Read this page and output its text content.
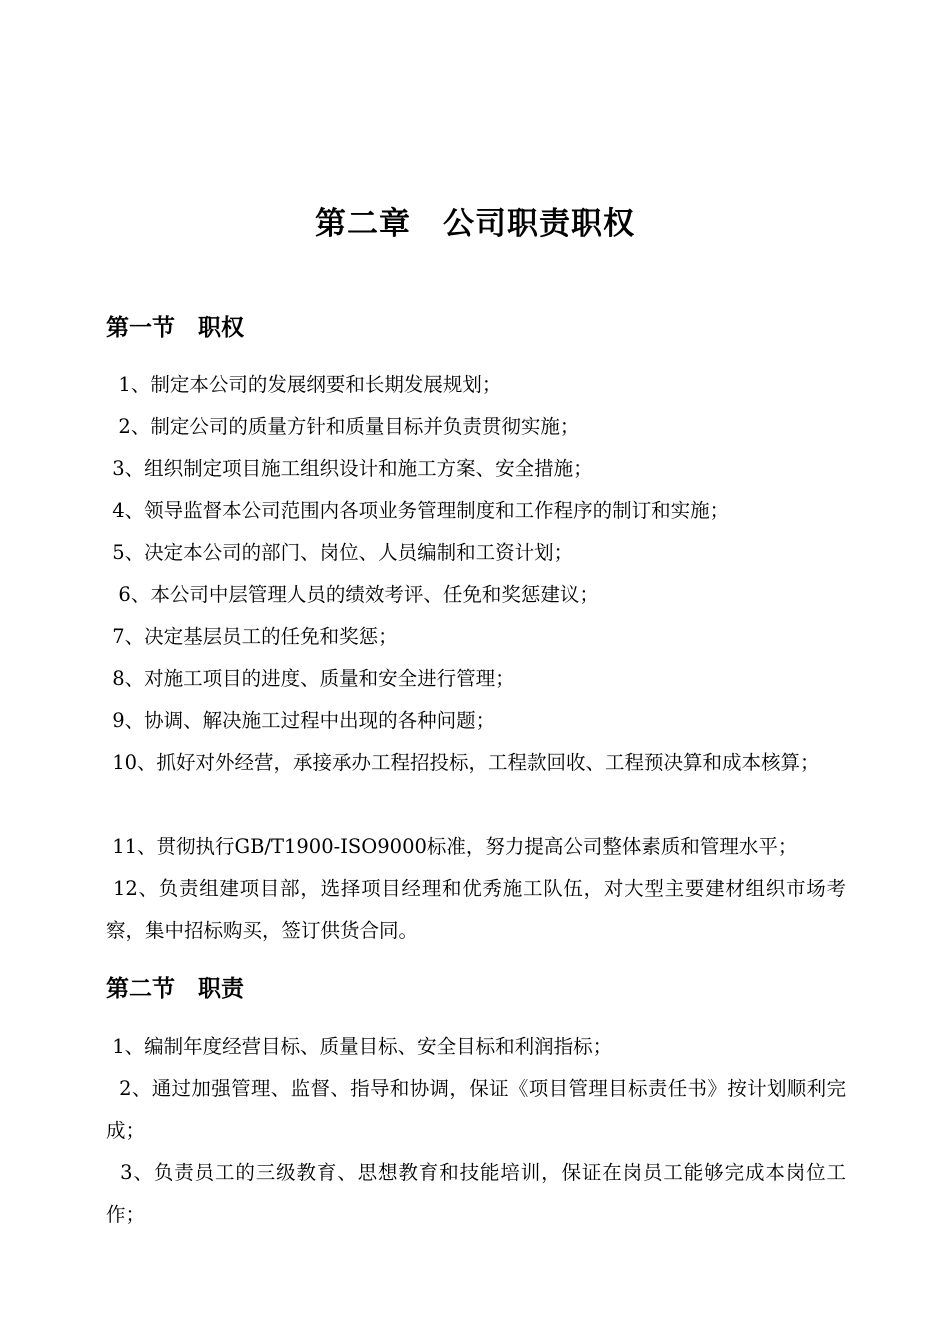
第二章　公司职责职权
第一节　职权

1、制定本公司的发展纲要和长期发展规划；

2、制定公司的质量方针和质量目标并负责贯彻实施；

3、组织制定项目施工组织设计和施工方案、安全措施；

4、领导监督本公司范围内各项业务管理制度和工作程序的制订和实施；

5、决定本公司的部门、岗位、人员编制和工资计划；

6、本公司中层管理人员的绩效考评、任免和奖惩建议；

7、决定基层员工的任免和奖惩；

8、对施工项目的进度、质量和安全进行管理；

9、协调、解决施工过程中出现的各种问题；

10、抓好对外经营，承接承办工程招投标，工程款回收、工程预决算和成本核算；

11、贯彻执行GB/T1900-ISO9000标准，努力提高公司整体素质和管理水平；

12、负责组建项目部，选择项目经理和优秀施工队伍，对大型主要建材组织市场考察，集中招标购买，签订供货合同。

第二节　职责

1、编制年度经营目标、质量目标、安全目标和利润指标；

2、通过加强管理、监督、指导和协调，保证《项目管理目标责任书》按计划顺利完成；

3、负责员工的三级教育、思想教育和技能培训，保证在岗员工能够完成本岗位工作；
